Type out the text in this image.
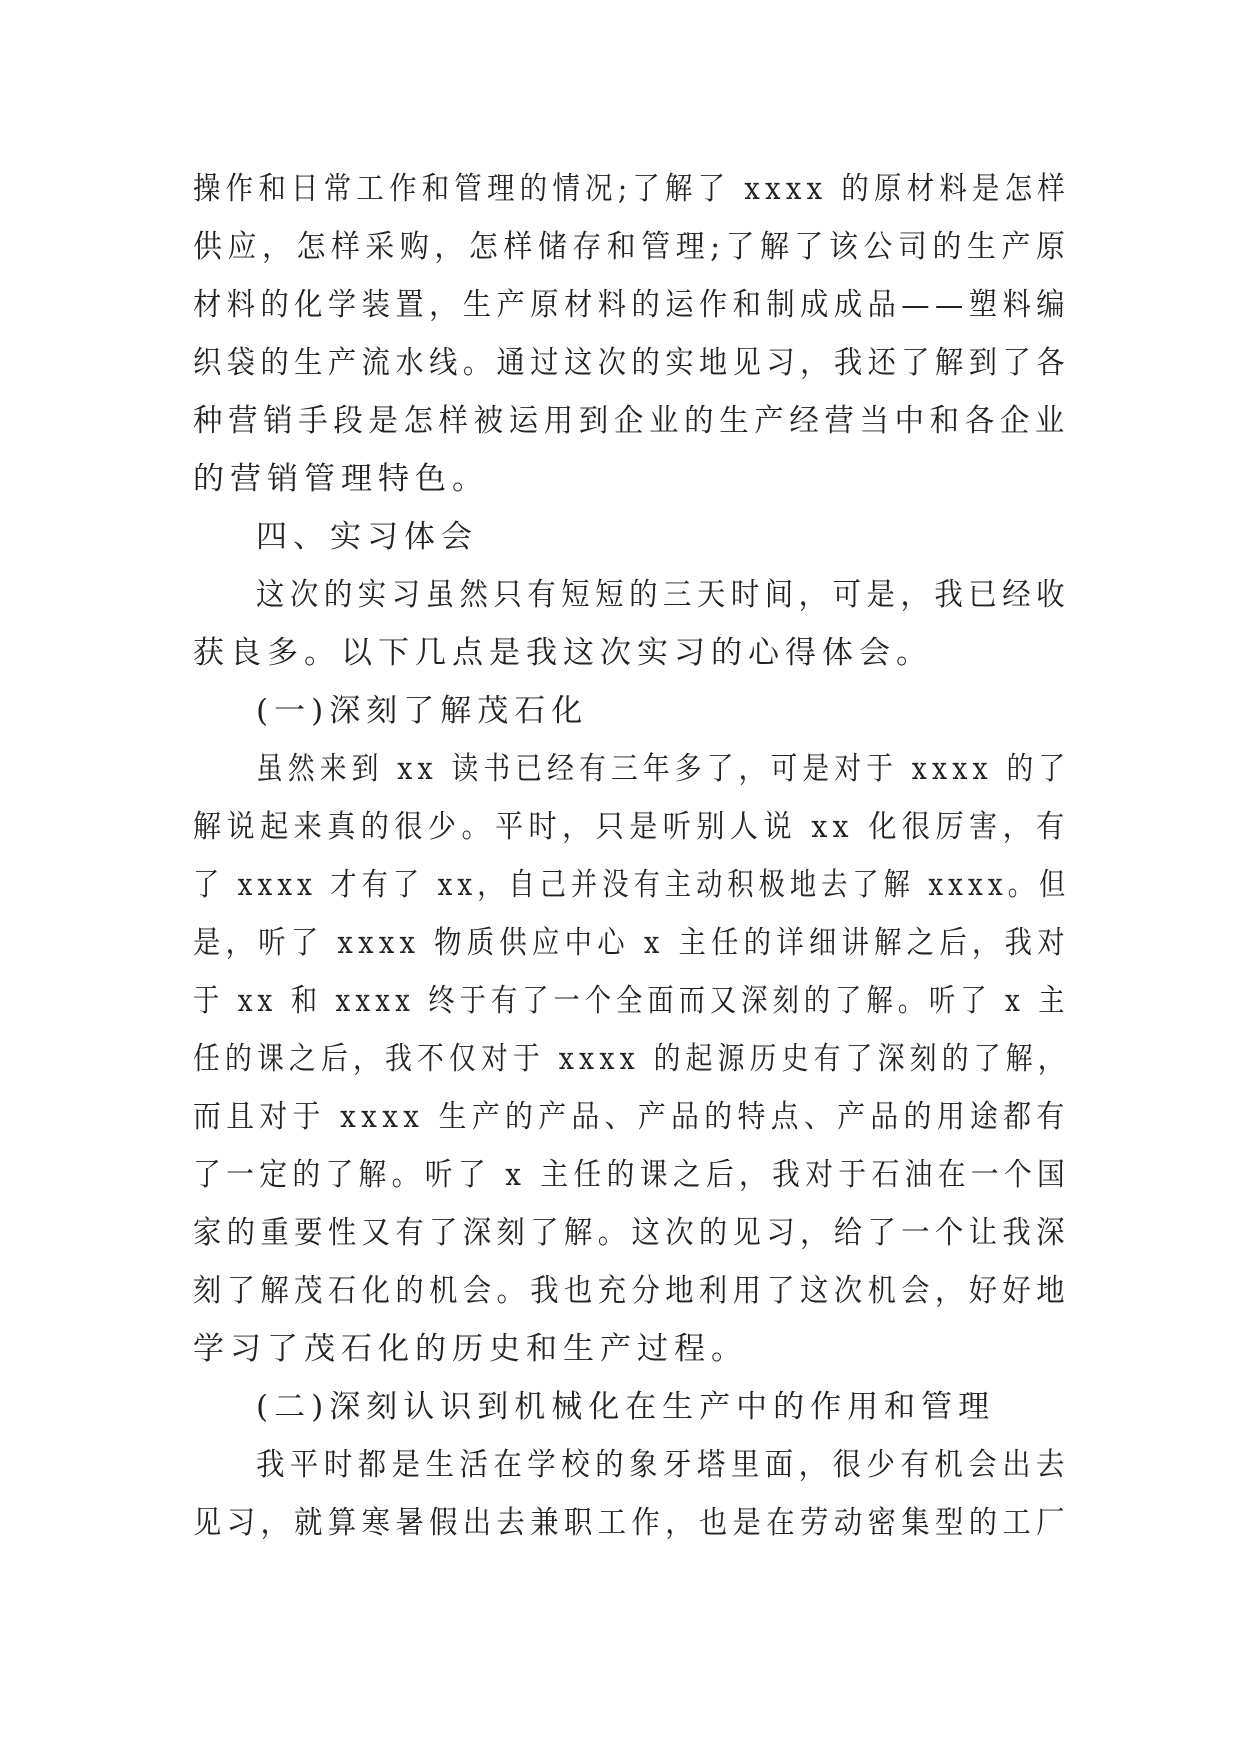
操作和日常工作和管理的情况;了解了 xxxx 的原材料是怎样
供应，怎样采购，怎样储存和管理;了解了该公司的生产原
材料的化学装置，生产原材料的运作和制成成品——塑料编
织袋的生产流水线。通过这次的实地见习，我还了解到了各
种营销手段是怎样被运用到企业的生产经营当中和各企业
的营销管理特色。
四、实习体会
这次的实习虽然只有短短的三天时间，可是，我已经收
获良多。以下几点是我这次实习的心得体会。
(一)深刻了解茂石化
虽然来到 xx 读书已经有三年多了，可是对于 xxxx 的了
解说起来真的很少。平时，只是听别人说 xx 化很厉害，有
了 xxxx 才有了 xx，自己并没有主动积极地去了解 xxxx。但
是，听了 xxxx 物质供应中心 x 主任的详细讲解之后，我对
于 xx 和 xxxx 终于有了一个全面而又深刻的了解。听了 x 主
任的课之后，我不仅对于 xxxx 的起源历史有了深刻的了解，
而且对于 xxxx 生产的产品、产品的特点、产品的用途都有
了一定的了解。听了 x 主任的课之后，我对于石油在一个国
家的重要性又有了深刻了解。这次的见习，给了一个让我深
刻了解茂石化的机会。我也充分地利用了这次机会，好好地
学习了茂石化的历史和生产过程。
(二)深刻认识到机械化在生产中的作用和管理
我平时都是生活在学校的象牙塔里面，很少有机会出去
见习，就算寒暑假出去兼职工作，也是在劳动密集型的工厂
